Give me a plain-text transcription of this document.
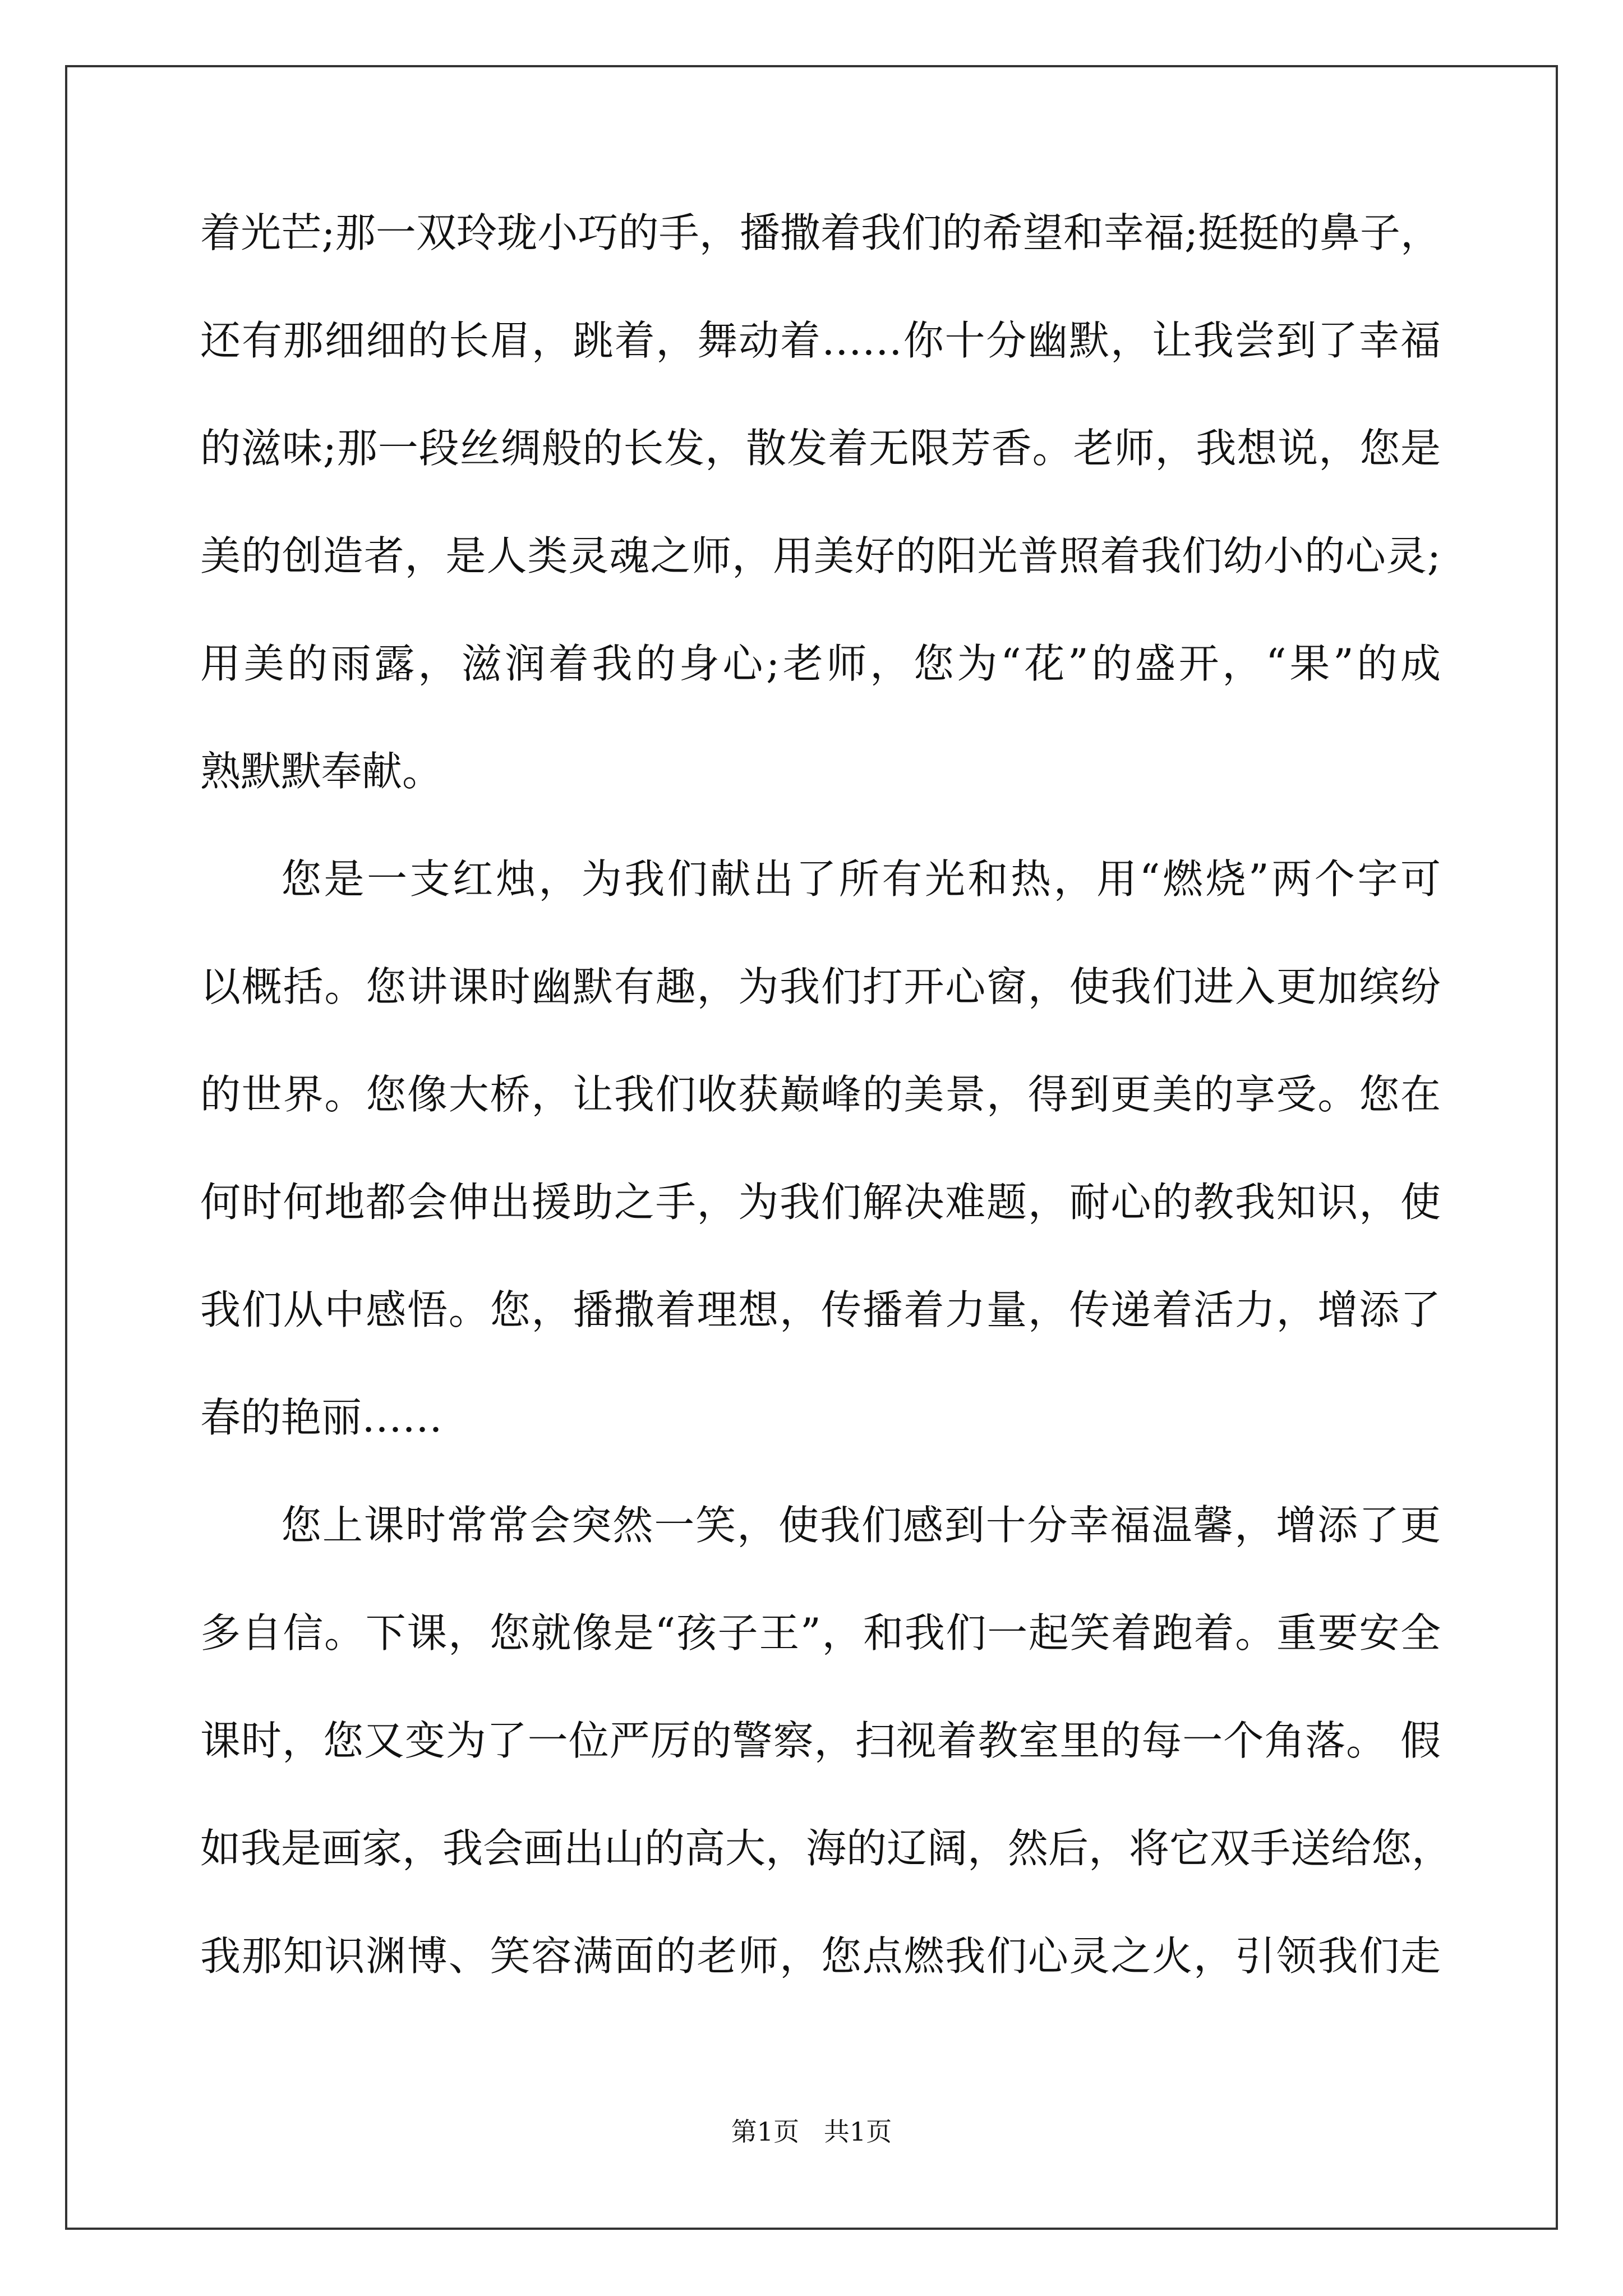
着光芒;那一双玲珑小巧的手，播撒着我们的希望和幸福;挺挺的鼻子，
还有那细细的长眉，跳着，舞动着……你十分幽默，让我尝到了幸福
的滋味;那一段丝绸般的长发，散发着无限芳香。老师，我想说，您是
美的创造者，是人类灵魂之师，用美好的阳光普照着我们幼小的心灵;
用美的雨露，滋润着我的身心;老师，您为“花”的盛开，“果”的成
熟默默奉献。
您是一支红烛，为我们献出了所有光和热，用“燃烧”两个字可
以概括。您讲课时幽默有趣，为我们打开心窗，使我们进入更加缤纷
的世界。您像大桥，让我们收获巅峰的美景，得到更美的享受。您在
何时何地都会伸出援助之手，为我们解决难题，耐心的教我知识，使
我们从中感悟。您，播撒着理想，传播着力量，传递着活力，增添了
春的艳丽……
您上课时常常会突然一笑，使我们感到十分幸福温馨，增添了更
多自信。下课，您就像是“孩子王”，和我们一起笑着跑着。重要安全
课时，您又变为了一位严厉的警察，扫视着教室里的每一个角落。 假
如我是画家，我会画出山的高大，海的辽阔，然后，将它双手送给您，
我那知识渊博、笑容满面的老师，您点燃我们心灵之火，引领我们走
第1页   共1页
